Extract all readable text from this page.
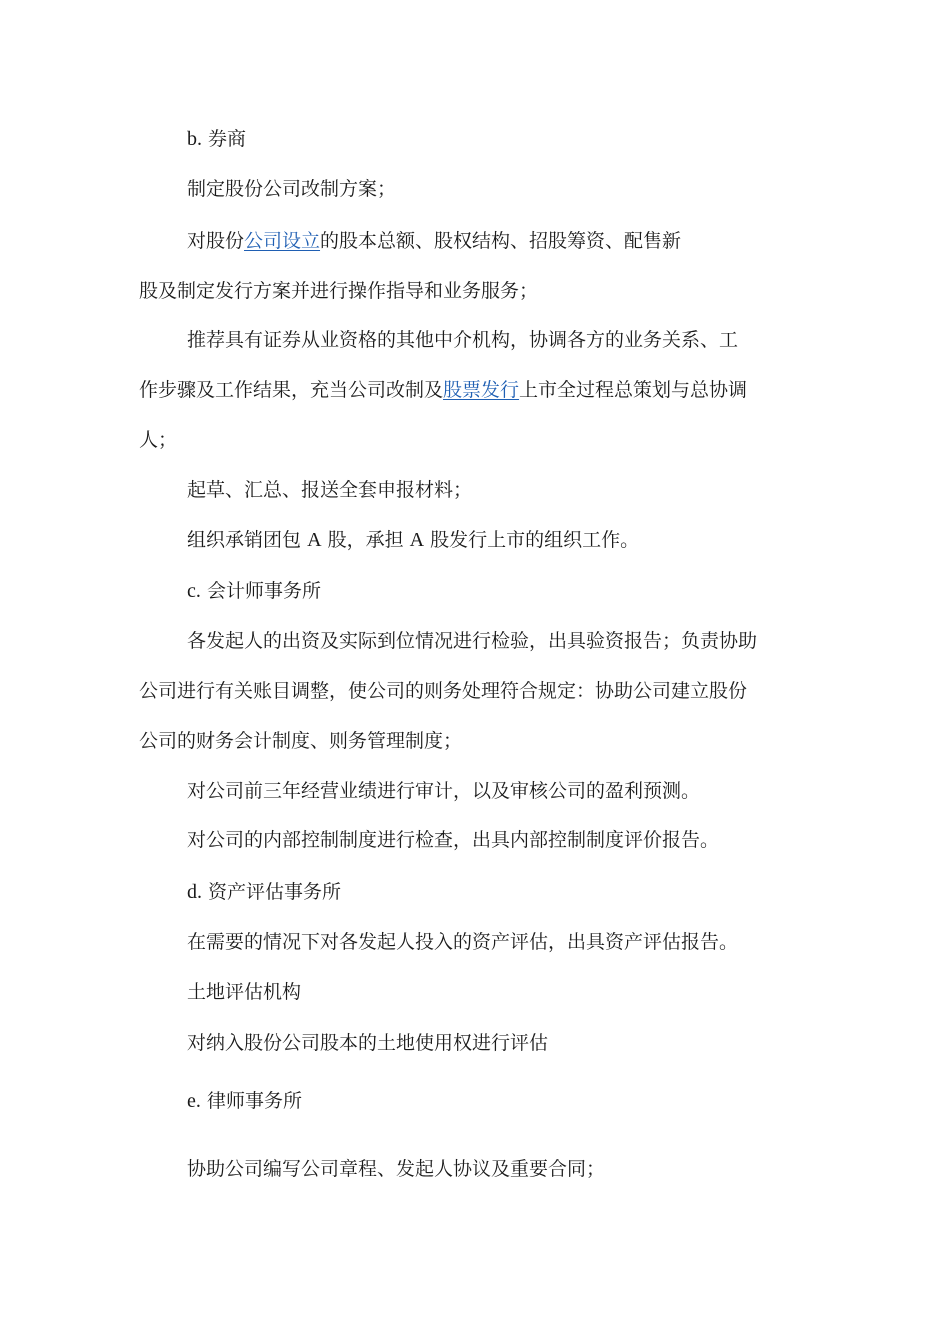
b. 券商
制定股份公司改制方案；
对股份公司设立的股本总额、股权结构、招股筹资、配售新
股及制定发行方案并进行操作指导和业务服务；
推荐具有证券从业资格的其他中介机构，协调各方的业务关系、工
作步骤及工作结果，充当公司改制及股票发行上市全过程总策划与总协调
人；
起草、汇总、报送全套申报材料；
组织承销团包 A 股，承担 A 股发行上市的组织工作。
c. 会计师事务所
各发起人的出资及实际到位情况进行检验，出具验资报告；负责协助
公司进行有关账目调整，使公司的则务处理符合规定：协助公司建立股份
公司的财务会计制度、则务管理制度；
对公司前三年经营业绩进行审计，以及审核公司的盈利预测。
对公司的内部控制制度进行检查，出具内部控制制度评价报告。
d. 资产评估事务所
在需要的情况下对各发起人投入的资产评估，出具资产评估报告。
土地评估机构
对纳入股份公司股本的土地使用权进行评估
e. 律师事务所
协助公司编写公司章程、发起人协议及重要合同；
